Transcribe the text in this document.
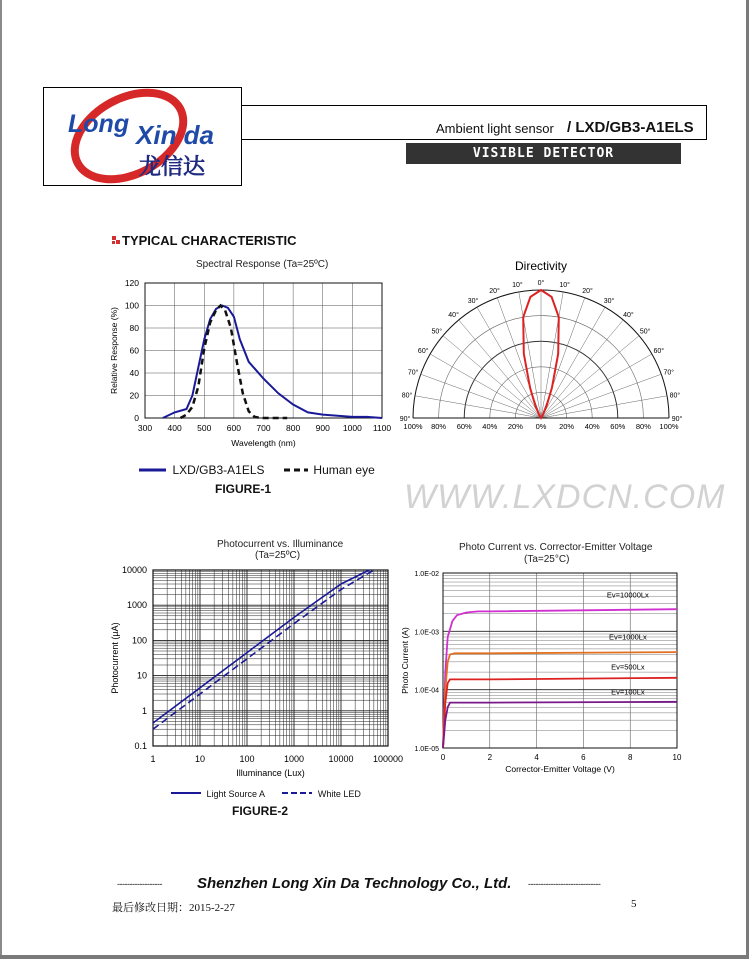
Long Xin da
龙信达
Ambient light sensor / LXD/GB3-A1ELS
VISIBLE DETECTOR
TYPICAL CHARACTERISTIC
Spectral Response (Ta=25ºC)
300 400 500 600 700 800 900 1000 1100
0
20
40
60
80
100
120
Wavelength (nm)
Relative Response (%)
LXD/GB3-A1ELS	Human eye
FIGURE-1
Directivity
0°
10°	10°
20°	20°
30°	30°
40°	40°
50°	50°
60°	60°
70°	70°
80°	80°
90°	90°
100% 80% 60% 40% 20% 0% 20% 40% 60% 80% 100%
WWW.LXDCN.COM
Photocurrent vs. Illuminance
(Ta=25ºC)
1	10	100	1000	10000 100000
10000
1000
100
10
1
0.1
Illuminance (Lux)
Photocurrent (µA)
Light Source A	White LED
FIGURE-2
Photo Current vs. Corrector-Emitter Voltage
(Ta=25°C)
0	2	4	6	8	10
1.0E-02
1.0E-03
1.0E-04
1.0E-05
Ev=10000Lx
Ev=1000Lx
Ev=500Lx
Ev=100Lx
Corrector-Emitter Voltage (V)
Photo Current (A)
------------------ Shenzhen Long Xin Da Technology Co., Ltd. -----------------------------
最后修改日期：2015-2-27	5
